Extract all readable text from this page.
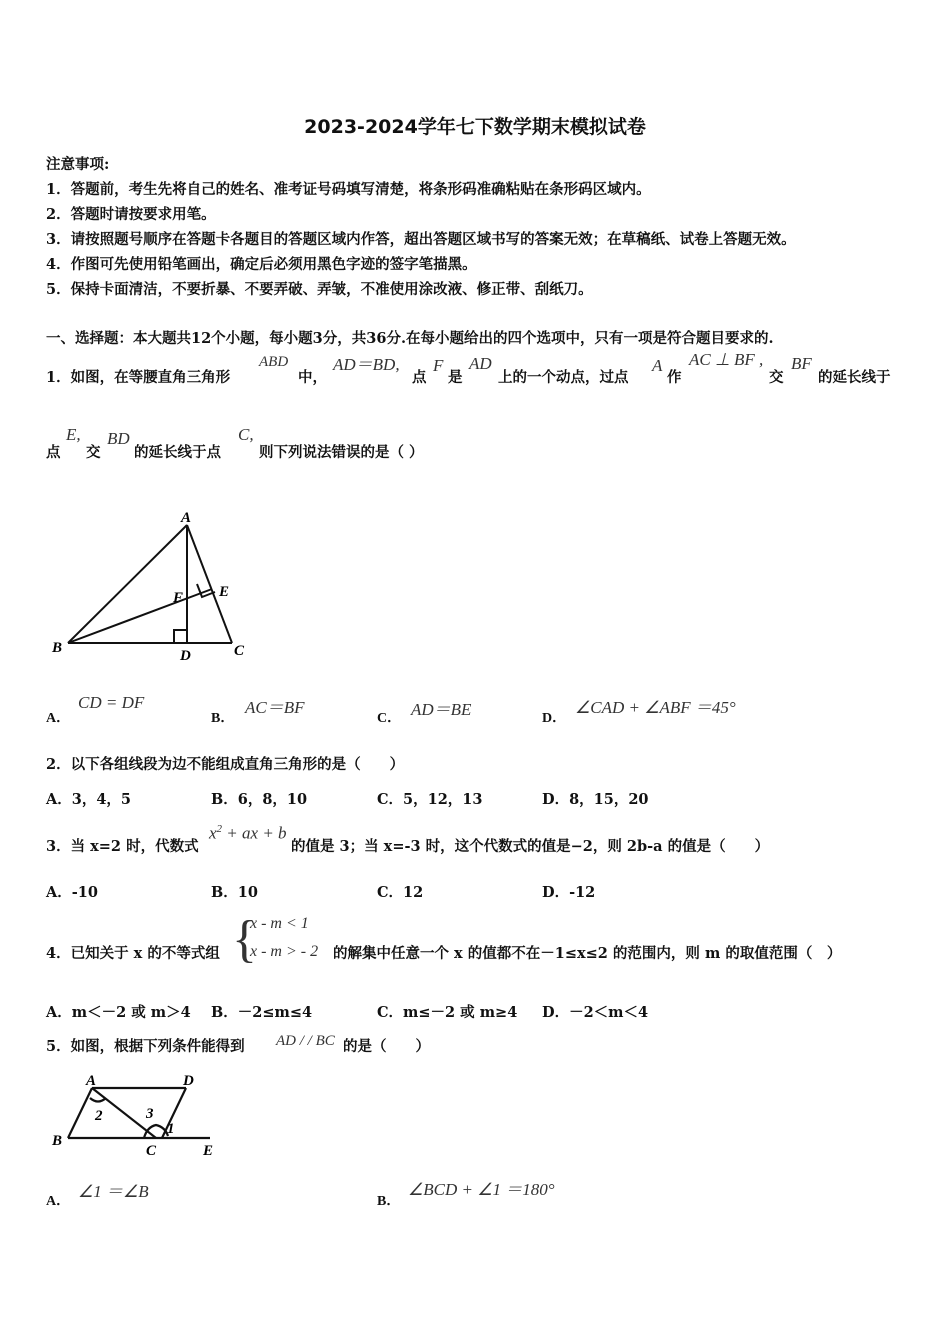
2023-2024学年七下数学期末模拟试卷
注意事项:
1．答题前，考生先将自己的姓名、准考证号码填写清楚，将条形码准确粘贴在条形码区域内。
2．答题时请按要求用笔。
3．请按照题号顺序在答题卡各题目的答题区域内作答，超出答题区域书写的答案无效；在草稿纸、试卷上答题无效。
4．作图可先使用铅笔画出，确定后必须用黑色字迹的签字笔描黑。
5．保持卡面清洁，不要折暴、不要弄破、弄皱，不准使用涂改液、修正带、刮纸刀。
一、选择题：本大题共12个小题，每小题3分，共36分.在每小题给出的四个选项中，只有一项是符合题目要求的.
1．如图，在等腰直角三角形
ABD
中，
AD＝BD,
点
F
是
AD
上的一个动点，过点
A
作
AC ⊥ BF ,
交
BF
的延长线于
点
E,
交
BD
的延长线于点
C,
则下列说法错误的是（ ）
A
B	C
D
E
F
A．
CD = DF
B．
AC＝BF
C． AD＝BE	D．
∠CAD + ∠ABF ＝45°
2．以下各组线段为边不能组成直角三角形的是（　　）
A．3，4，5	B．6，8，10	C．5，12，13	D．8，15，20
3．当 x=2 时，代数式
$x^2$ + ax + b
的值是 3；当 x=-3 时，这个代数式的值是−2，则 2b-a 的值是（　　）
A．-10	B．10	C．12	D．-12
4．已知关于 x 的不等式组 {
x - m < 1
x - m > - 2 的解集中任意一个 x 的值都不在－1≤x≤2 的范围内，则 m 的取值范围（　）
A．m＜－2 或 m＞4 B．－2≤m≤4	C．m≤－2 或 m≥4 D．－2＜m＜4
5．如图，根据下列条件能得到 AD / / BC 的是（　　）
A	D
B
C	E
1
2	3
A．
∠1 ＝∠B
B．
∠BCD + ∠1 ＝180°
